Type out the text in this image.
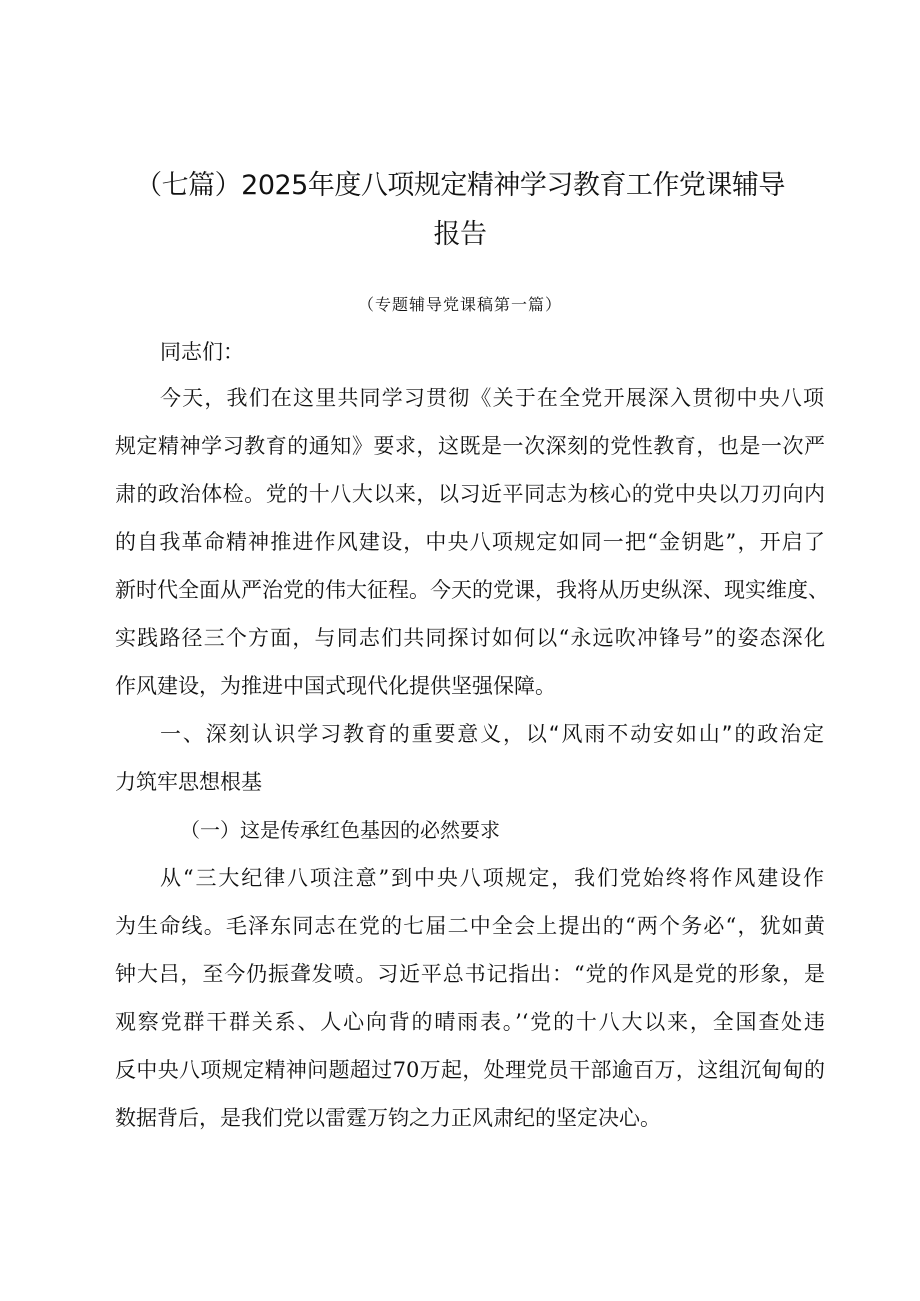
（七篇）2025年度八项规定精神学习教育工作党课辅导
报告
（专题辅导党课稿第一篇）
同志们：
今天，我们在这里共同学习贯彻《关于在全党开展深入贯彻中央八项
规定精神学习教育的通知》要求，这既是一次深刻的党性教育，也是一次严
肃的政治体检。党的十八大以来，以习近平同志为核心的党中央以刀刃向内
的自我革命精神推进作风建设，中央八项规定如同一把“金钥匙”，开启了
新时代全面从严治党的伟大征程。今天的党课，我将从历史纵深、现实维度、
实践路径三个方面，与同志们共同探讨如何以“永远吹冲锋号”的姿态深化
作风建设，为推进中国式现代化提供坚强保障。
一、深刻认识学习教育的重要意义，以“风雨不动安如山”的政治定
力筑牢思想根基
（一）这是传承红色基因的必然要求
从“三大纪律八项注意”到中央八项规定，我们党始终将作风建设作
为生命线。毛泽东同志在党的七届二中全会上提出的“两个务必“，犹如黄
钟大吕，至今仍振聋发喷。习近平总书记指出：“党的作风是党的形象，是
观察党群干群关系、人心向背的晴雨表。’‘党的十八大以来，全国查处违
反中央八项规定精神问题超过70万起，处理党员干部逾百万，这组沉甸甸的
数据背后，是我们党以雷霆万钧之力正风肃纪的坚定决心。
